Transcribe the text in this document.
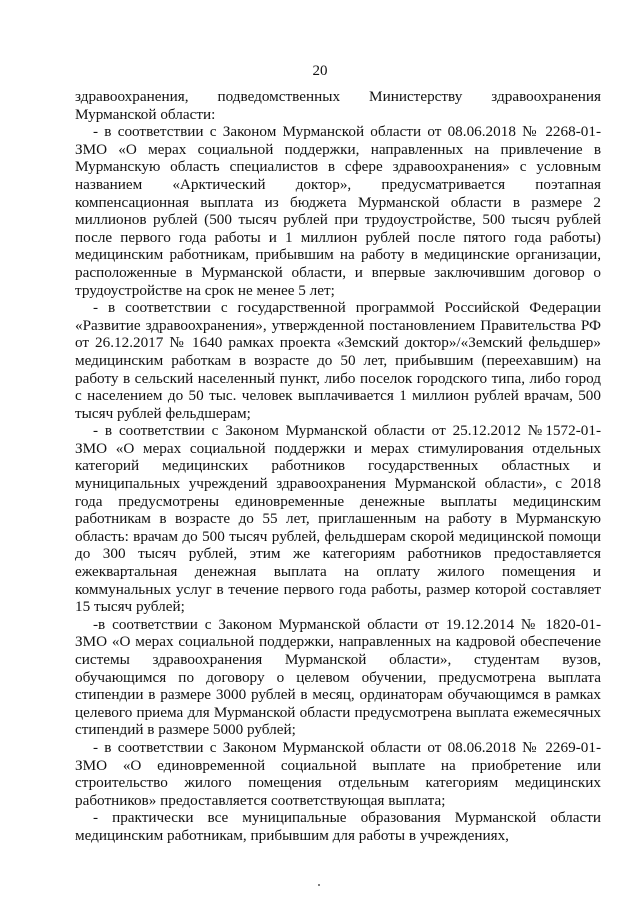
20

здравоохранения, подведомственных Министерству здравоохранения Мурманской области:

- в соответствии с Законом Мурманской области от 08.06.2018 № 2268-01-ЗМО «О мерах социальной поддержки, направленных на привлечение в Мурманскую область специалистов в сфере здравоохранения» с условным названием «Арктический доктор», предусматривается поэтапная компенсационная выплата из бюджета Мурманской области в размере 2 миллионов рублей (500 тысяч рублей при трудоустройстве, 500 тысяч рублей после первого года работы и 1 миллион рублей после пятого года работы) медицинским работникам, прибывшим на работу в медицинские организации, расположенные в Мурманской области, и впервые заключившим договор о трудоустройстве на срок не менее 5 лет;

- в соответствии с государственной программой Российской Федерации «Развитие здравоохранения», утвержденной постановлением Правительства РФ от 26.12.2017 № 1640 рамках проекта «Земский доктор»/«Земский фельдшер» медицинским работкам в возрасте до 50 лет, прибывшим (переехавшим) на работу в сельский населенный пункт, либо поселок городского типа, либо город с населением до 50 тыс. человек выплачивается 1 миллион рублей врачам, 500 тысяч рублей фельдшерам;

- в соответствии с Законом Мурманской области от 25.12.2012 №1572-01-ЗМО «О мерах социальной поддержки и мерах стимулирования отдельных категорий медицинских работников государственных областных и муниципальных учреждений здравоохранения Мурманской области», с 2018 года предусмотрены единовременные денежные выплаты медицинским работникам в возрасте до 55 лет, приглашенным на работу в Мурманскую область: врачам до 500 тысяч рублей, фельдшерам скорой медицинской помощи до 300 тысяч рублей, этим же категориям работников предоставляется ежеквартальная денежная выплата на оплату жилого помещения и коммунальных услуг в течение первого года работы, размер которой составляет 15 тысяч рублей;

-в соответствии с Законом Мурманской области от 19.12.2014 № 1820-01-ЗМО «О мерах социальной поддержки, направленных на кадровой обеспечение системы здравоохранения Мурманской области», студентам вузов, обучающимся по договору о целевом обучении, предусмотрена выплата стипендии в размере 3000 рублей в месяц, ординаторам обучающимся в рамках целевого приема для Мурманской области предусмотрена выплата ежемесячных стипендий в размере 5000 рублей;

- в соответствии с Законом Мурманской области от 08.06.2018 № 2269-01-ЗМО «О единовременной социальной выплате на приобретение или строительство жилого помещения отдельным категориям медицинских работников» предоставляется соответствующая выплата;

- практически все муниципальные образования Мурманской области медицинским работникам, прибывшим для работы в учреждениях,
